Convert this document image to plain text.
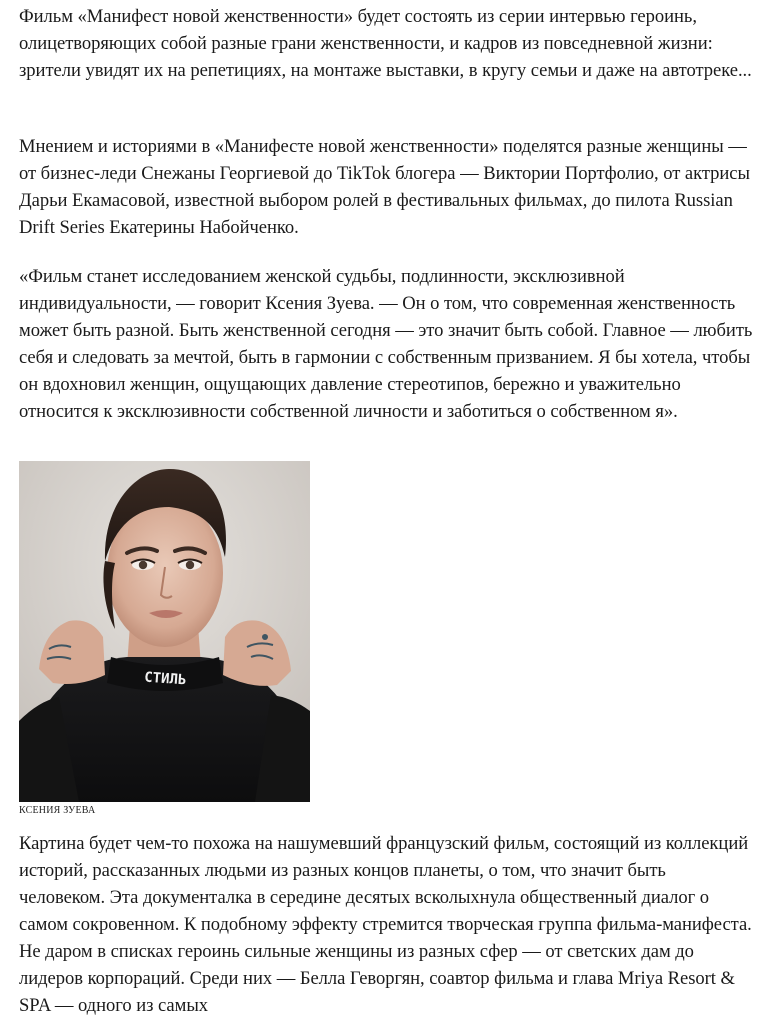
Фильм «Манифест новой женственности» будет состоять из серии интервью героинь, олицетворяющих собой разные грани женственности, и кадров из повседневной жизни: зрители увидят их на репетициях, на монтаже выставки, в кругу семьи и даже на автотреке...

Мнением и историями в «Манифесте новой женственности» поделятся разные женщины — от бизнес-леди Снежаны Георгиевой до TikTok блогера — Виктории Портфолио, от актрисы Дарьи Екамасовой, известной выбором ролей в фестивальных фильмах, до пилота Russian Drift Series Екатерины Набойченко.

«Фильм станет исследованием женской судьбы, подлинности, эксклюзивной индивидуальности, — говорит Ксения Зуева. — Он о том, что современная женственность может быть разной. Быть женственной сегодня — это значит быть собой. Главное — любить себя и следовать за мечтой, быть в гармонии с собственным призванием. Я бы хотела, чтобы он вдохновил женщин, ощущающих давление стереотипов, бережно и уважительно относится к эксклюзивности собственной личности и заботиться о собственном я».

СТИЛЬ
КСЕНИЯ ЗУЕВА

Картина будет чем-то похожа на нашумевший французский фильм, состоящий из коллекций историй, рассказанных людьми из разных концов планеты, о том, что значит быть человеком. Эта документалка в середине десятых всколыхнула общественный диалог о самом сокровенном. К подобному эффекту стремится творческая группа фильма-манифеста. Не даром в списках героинь сильные женщины из разных сфер — от светских дам до лидеров корпораций. Среди них — Белла Геворгян, соавтор фильма и глава Mriya Resort & SPA — одного из самых
